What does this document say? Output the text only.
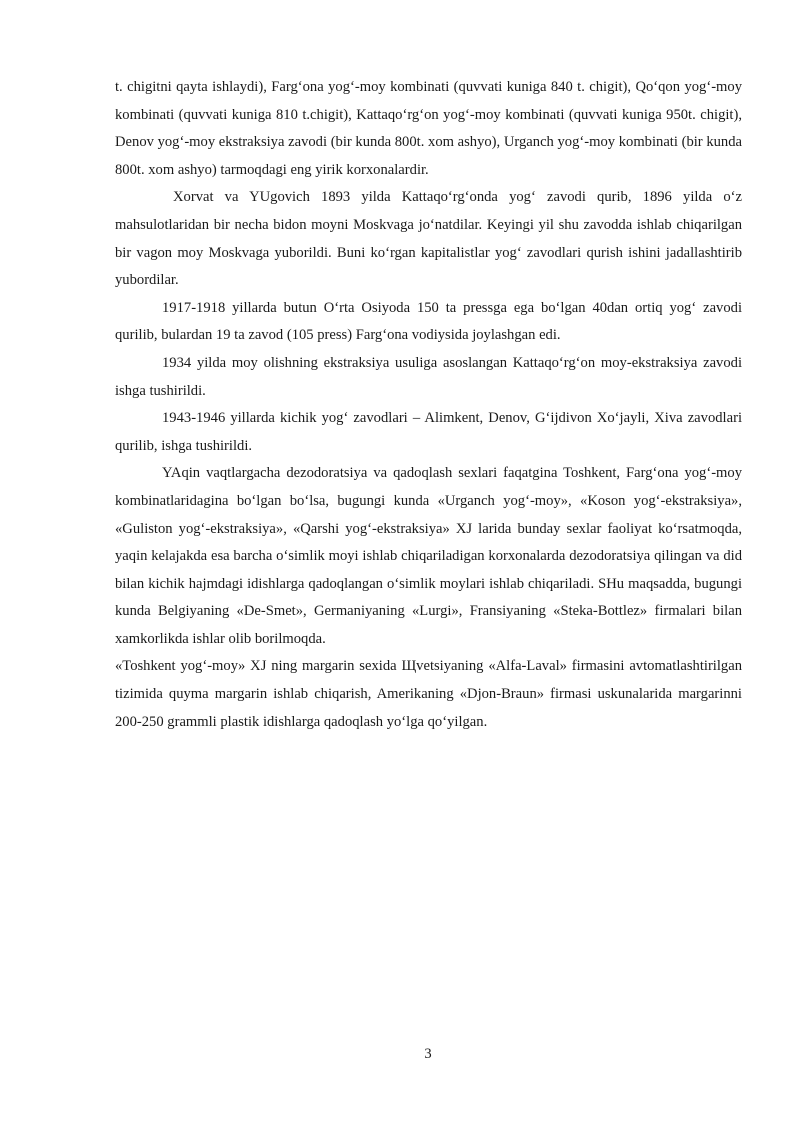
t. chigitni qayta ishlaydi), Farg‘ona yog‘-moy kombinati (quvvati kuniga 840 t. chigit), Qo‘qon yog‘-moy kombinati (quvvati kuniga 810 t.chigit), Kattaqo‘rg‘on yog‘-moy kombinati (quvvati kuniga 950t. chigit), Denov yog‘-moy ekstraksiya zavodi (bir kunda 800t. xom ashyo), Urganch yog‘-moy kombinati (bir kunda 800t. xom ashyo) tarmoqdagi eng yirik korxonalardir.

Xorvat va YUgovich 1893 yilda Kattaqo‘rg‘onda yog‘ zavodi qurib, 1896 yilda o‘z mahsulotlaridan bir necha bidon moyni Moskvaga jo‘natdilar. Keyingi yil shu zavodda ishlab chiqarilgan bir vagon moy Moskvaga yuborildi. Buni ko‘rgan kapitalistlar yog‘ zavodlari qurish ishini jadallashtirib yubordilar.

1917-1918 yillarda butun O‘rta Osiyoda 150 ta pressga ega bo‘lgan 40dan ortiq yog‘ zavodi qurilib, bulardan 19 ta zavod (105 press) Farg‘ona vodiysida joylashgan edi.

1934 yilda moy olishning ekstraksiya usuliga asoslangan Kattaqo‘rg‘on moy-ekstraksiya zavodi ishga tushirildi.

1943-1946 yillarda kichik yog‘ zavodlari – Alimkent, Denov, G‘ijdivon Xo‘jayli, Xiva zavodlari qurilib, ishga tushirildi.

YAqin vaqtlargacha dezodoratsiya va qadoqlash sexlari faqatgina Toshkent, Farg‘ona yog‘-moy kombinatlaridagina bo‘lgan bo‘lsa, bugungi kunda «Urganch yog‘-moy», «Koson yog‘-ekstraksiya», «Guliston yog‘-ekstraksiya», «Qarshi yog‘-ekstraksiya» XJ larida bunday sexlar faoliyat ko‘rsatmoqda, yaqin kelajakda esa barcha o‘simlik moyi ishlab chiqariladigan korxonalarda dezodoratsiya qilingan va did bilan kichik hajmdagi idishlarga qadoqlangan o‘simlik moylari ishlab chiqariladi. SHu maqsadda, bugungi kunda Belgiyaning «De-Smet», Germaniyaning «Lurgi», Fransiyaning «Steka-Bottlez» firmalari bilan xamkorlikda ishlar olib borilmoqda.

«Toshkent yog‘-moy» XJ ning margarin sexida Щvetsiyaning «Alfa-Laval» firmasini avtomatlashtirilgan tizimida quyma margarin ishlab chiqarish, Amerikaning «Djon-Braun» firmasi uskunalarida margarinni 200-250 grammli plastik idishlarga qadoqlash yo‘lga qo‘yilgan.

3
